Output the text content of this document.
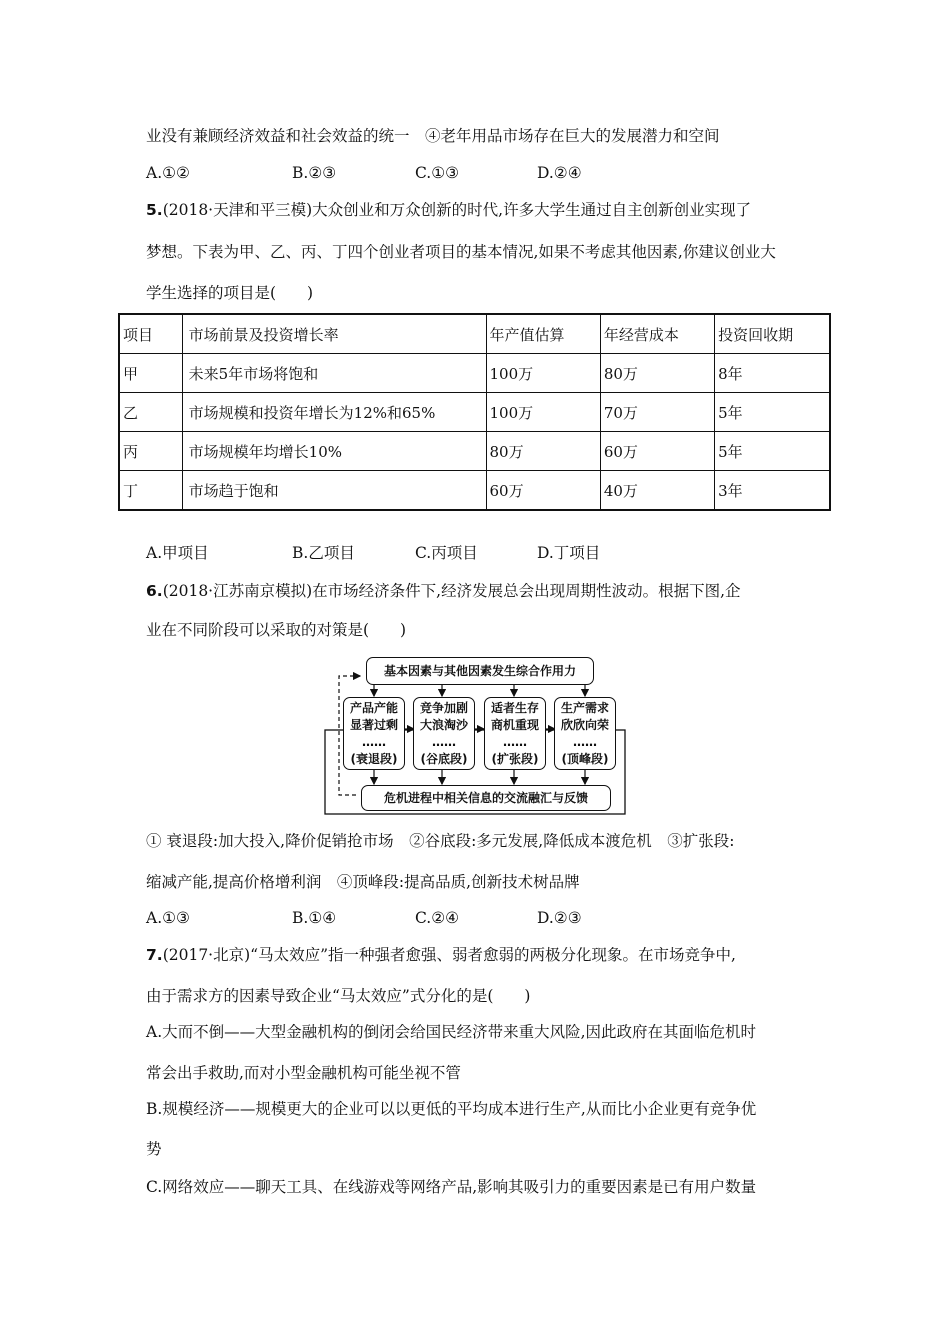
业没有兼顾经济效益和社会效益的统一　④老年用品市场存在巨大的发展潜力和空间
A.①②	B.②③	C.①③	D.②④
5.(2018·天津和平三模)大众创业和万众创新的时代,许多大学生通过自主创新创业实现了
梦想。下表为甲、乙、丙、丁四个创业者项目的基本情况,如果不考虑其他因素,你建议创业大
学生选择的项目是(　　)
项目	市场前景及投资增长率	年产值估算	年经营成本	投资回收期
甲	未来5年市场将饱和	100万	80万	8年
乙	市场规模和投资年增长为12%和65%	100万	70万	5年
丙	市场规模年均增长10%	80万	60万	5年
丁	市场趋于饱和	60万	40万	3年
A.甲项目	B.乙项目	C.丙项目	D.丁项目
6.(2018·江苏南京模拟)在市场经济条件下,经济发展总会出现周期性波动。根据下图,企
业在不同阶段可以采取的对策是(　　)
基本因素与其他因素发生综合作用力
产品产能
显著过剩
……
(衰退段)
竞争加剧
大浪淘沙
……
(谷底段)
适者生存
商机重现
……
(扩张段)
生产需求
欣欣向荣
……
(顶峰段)
危机进程中相关信息的交流融汇与反馈
① 衰退段:加大投入,降价促销抢市场　②谷底段:多元发展,降低成本渡危机　③扩张段:
缩减产能,提高价格增利润　④顶峰段:提高品质,创新技术树品牌
A.①③	B.①④	C.②④	D.②③
7.(2017·北京)“马太效应”指一种强者愈强、弱者愈弱的两极分化现象。在市场竞争中,
由于需求方的因素导致企业“马太效应”式分化的是(　　)
A.大而不倒——大型金融机构的倒闭会给国民经济带来重大风险,因此政府在其面临危机时
常会出手救助,而对小型金融机构可能坐视不管
B.规模经济——规模更大的企业可以以更低的平均成本进行生产,从而比小企业更有竞争优
势
C.网络效应——聊天工具、在线游戏等网络产品,影响其吸引力的重要因素是已有用户数量
